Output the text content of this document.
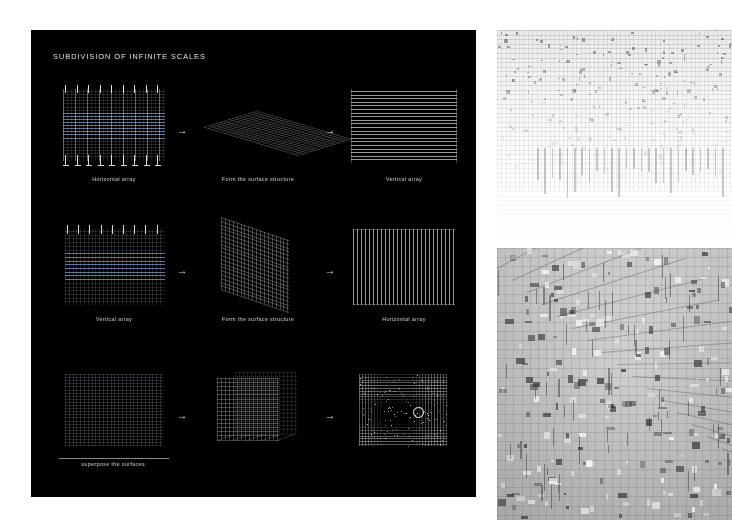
SUBDIVISION OF INFINITE SCALES
Horizontal array
→
Form the surface structure
→
Vertical array
Vertical array
→
Form the surface structure
→
Horizontal array
superpose the surfaces.
→	→
